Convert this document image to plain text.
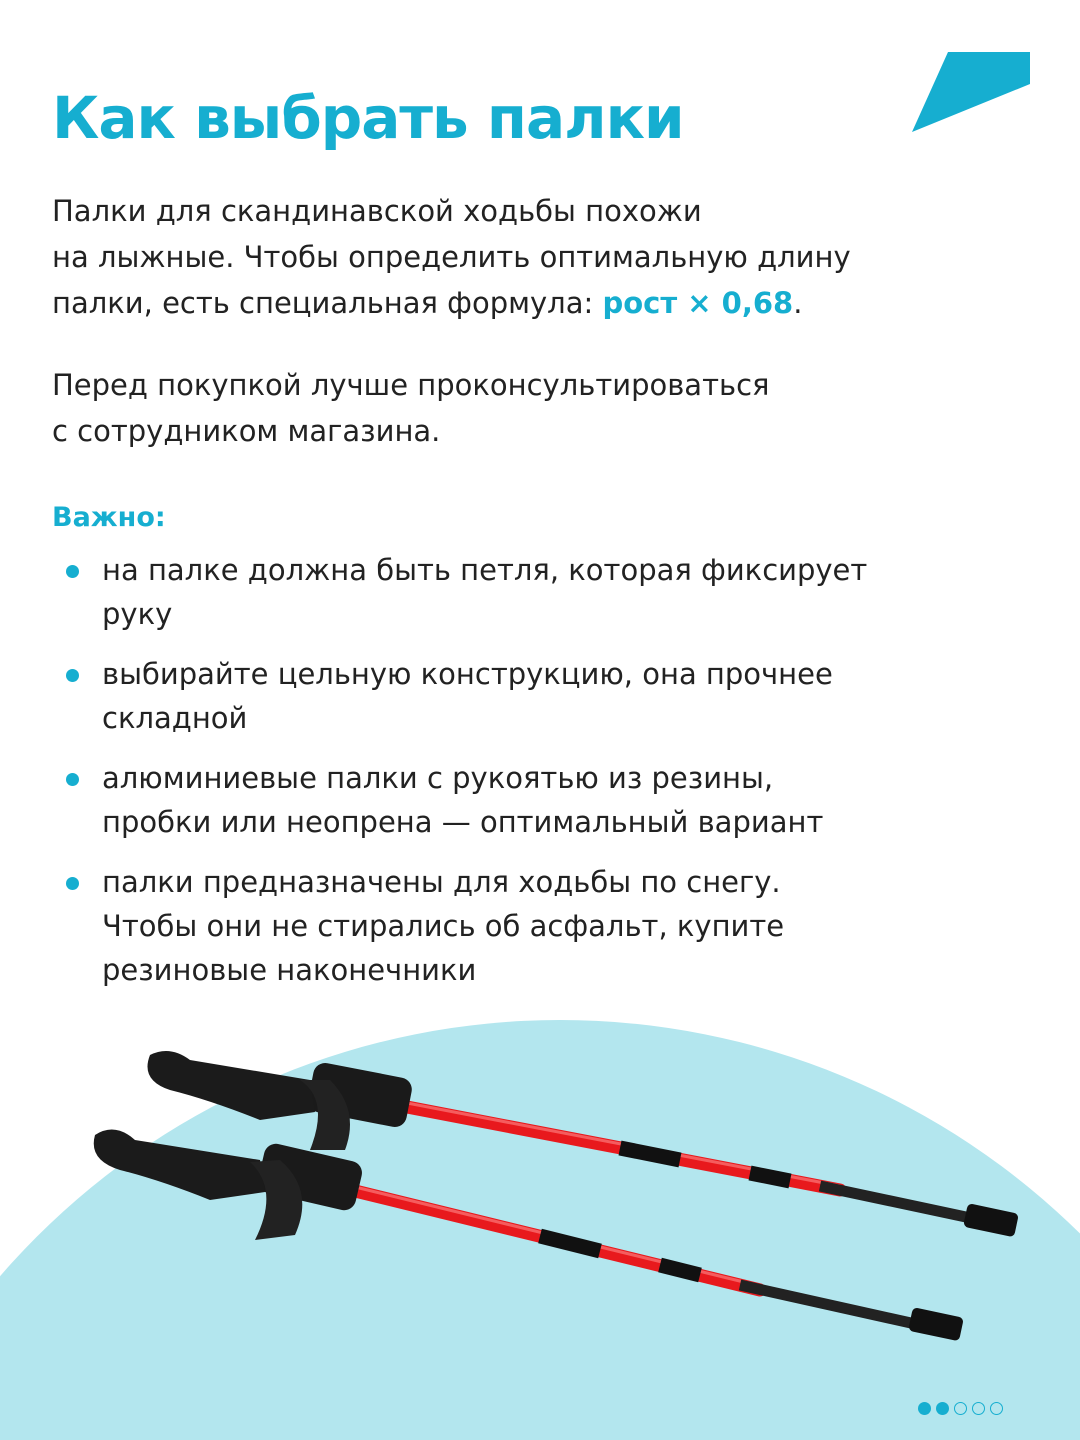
Как выбрать палки

Палки для скандинавской ходьбы похожи
на лыжные. Чтобы определить оптимальную длину
палки, есть специальная формула: рост × 0,68.

Перед покупкой лучше проконсультироваться
с сотрудником магазина.

Важно:
на палке должна быть петля, которая фиксирует
руку
выбирайте цельную конструкцию, она прочнее
складной
алюминиевые палки с рукоятью из резины,
пробки или неопрена — оптимальный вариант
палки предназначены для ходьбы по снегу.
Чтобы они не стирались об асфальт, купите
резиновые наконечники
